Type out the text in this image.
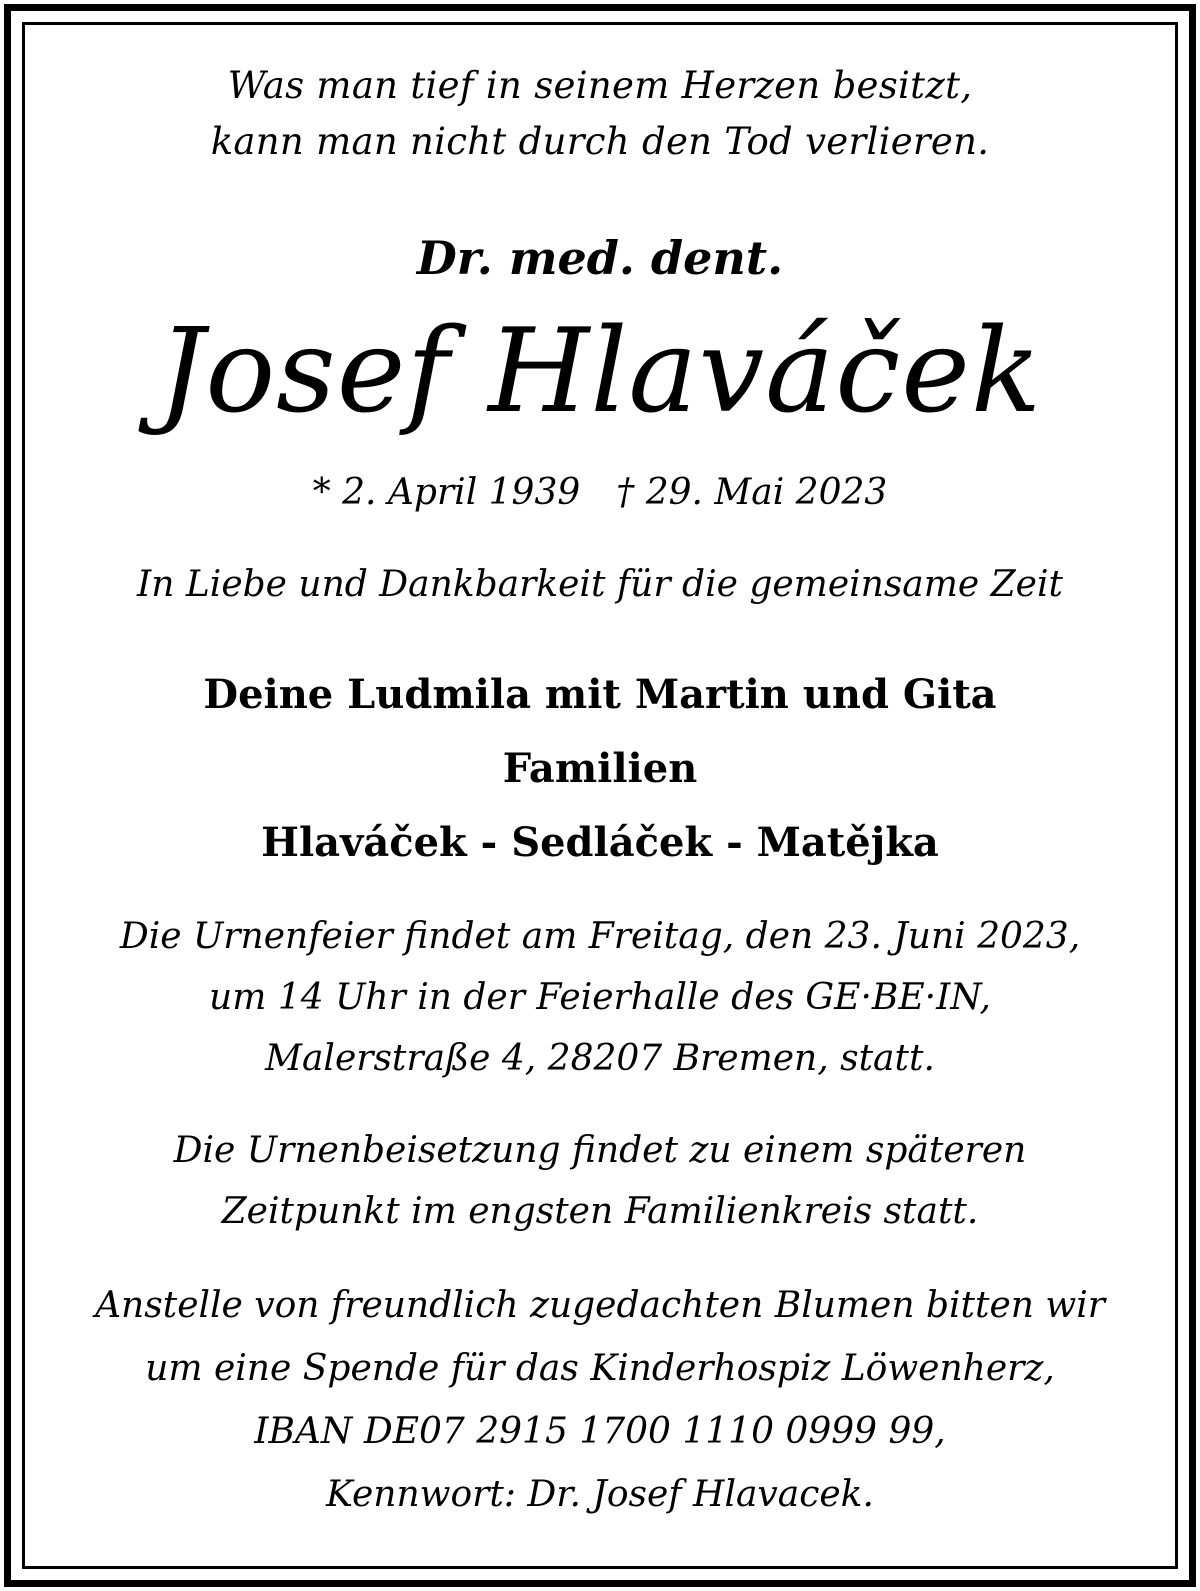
Was man tief in seinem Herzen besitzt,
kann man nicht durch den Tod verlieren.
Dr. med. dent.
Josef Hlaváček
* 2. April 1939 † 29. Mai 2023
In Liebe und Dankbarkeit für die gemeinsame Zeit
Deine Ludmila mit Martin und Gita
Familien
Hlaváček - Sedláček - Matějka
Die Urnenfeier findet am Freitag, den 23. Juni 2023,
um 14 Uhr in der Feierhalle des GE·BE·IN,
Malerstraße 4, 28207 Bremen, statt.
Die Urnenbeisetzung findet zu einem späteren
Zeitpunkt im engsten Familienkreis statt.
Anstelle von freundlich zugedachten Blumen bitten wir
um eine Spende für das Kinderhospiz Löwenherz,
IBAN DE07 2915 1700 1110 0999 99,
Kennwort: Dr. Josef Hlavacek.
